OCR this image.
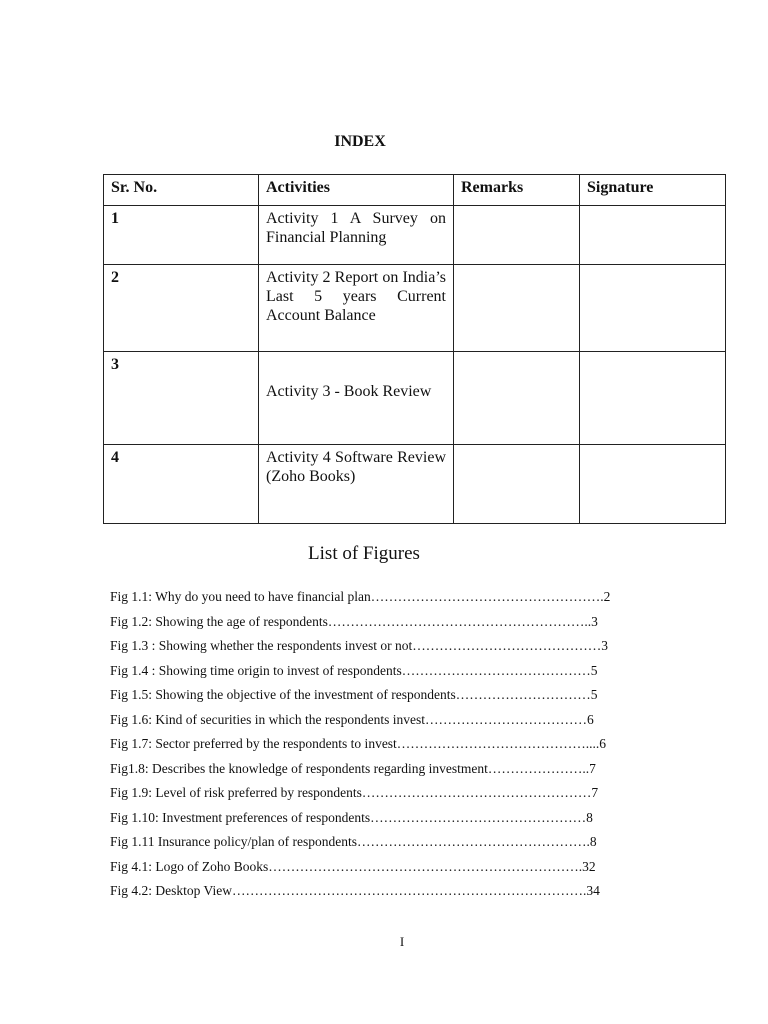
INDEX
Sr. No.	Activities	Remarks	Signature
1	Activity 1 A Survey on Financial Planning		
2	Activity 2 Report on India’s Last 5 years Current Account Balance		
3	Activity 3 - Book Review		

4	Activity 4 Software Review (Zoho Books)		
List of Figures
Fig 1.1: Why do you need to have financial plan…………………………………………….2
Fig 1.2: Showing the age of respondents…………………………………………………..3
Fig 1.3 : Showing whether the respondents invest or not……………………………………3
Fig 1.4 : Showing time origin to invest of respondents……………………………………5
Fig 1.5: Showing the objective of the investment of respondents…………………………5
Fig 1.6: Kind of securities in which the respondents invest………………………………6
Fig 1.7: Sector preferred by the respondents to invest……………………………………....6
Fig1.8: Describes the knowledge of respondents regarding investment…………………..7
Fig 1.9: Level of risk preferred by respondents……………………………………………7
Fig 1.10: Investment preferences of respondents…………………………………………8
Fig 1.11 Insurance policy/plan of respondents…………………………………………….8
Fig 4.1: Logo of Zoho Books…………………………………………………………….32
Fig 4.2: Desktop View…………………………………………………………………….34
I
